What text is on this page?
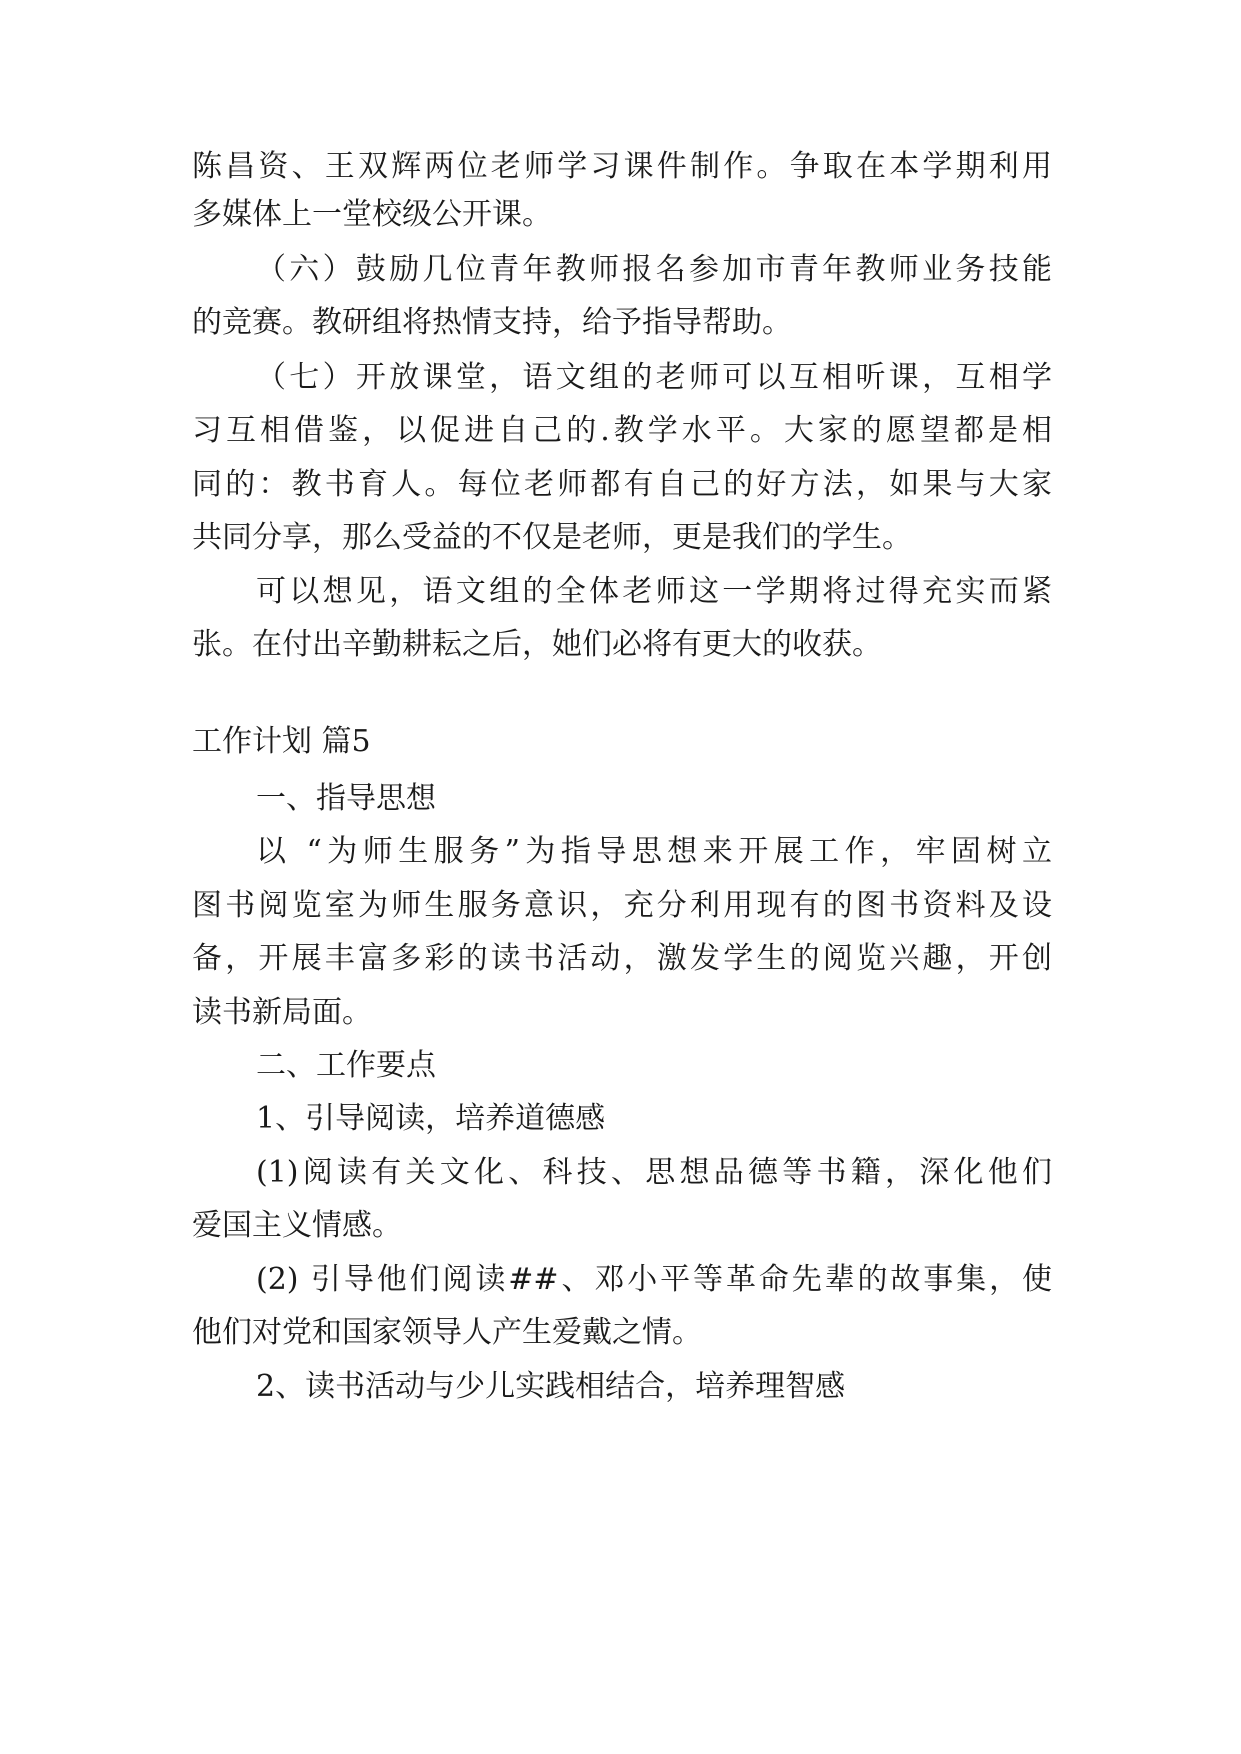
陈昌资、王双辉两位老师学习课件制作。争取在本学期利用
多媒体上一堂校级公开课。
（六）鼓励几位青年教师报名参加市青年教师业务技能
的竞赛。教研组将热情支持，给予指导帮助。
（七）开放课堂，语文组的老师可以互相听课，互相学
习互相借鉴，以促进自己的.教学水平。大家的愿望都是相
同的：教书育人。每位老师都有自己的好方法，如果与大家
共同分享，那么受益的不仅是老师，更是我们的学生。
可以想见，语文组的全体老师这一学期将过得充实而紧
张。在付出辛勤耕耘之后，她们必将有更大的收获。
工作计划 篇5
一、指导思想
以 “为师生服务”为指导思想来开展工作，牢固树立
图书阅览室为师生服务意识，充分利用现有的图书资料及设
备，开展丰富多彩的读书活动，激发学生的阅览兴趣，开创
读书新局面。
二、工作要点
1、引导阅读，培养道德感
(1)阅读有关文化、科技、思想品德等书籍，深化他们
爱国主义情感。
(2) 引导他们阅读##、邓小平等革命先辈的故事集，使
他们对党和国家领导人产生爱戴之情。
2、读书活动与少儿实践相结合，培养理智感
